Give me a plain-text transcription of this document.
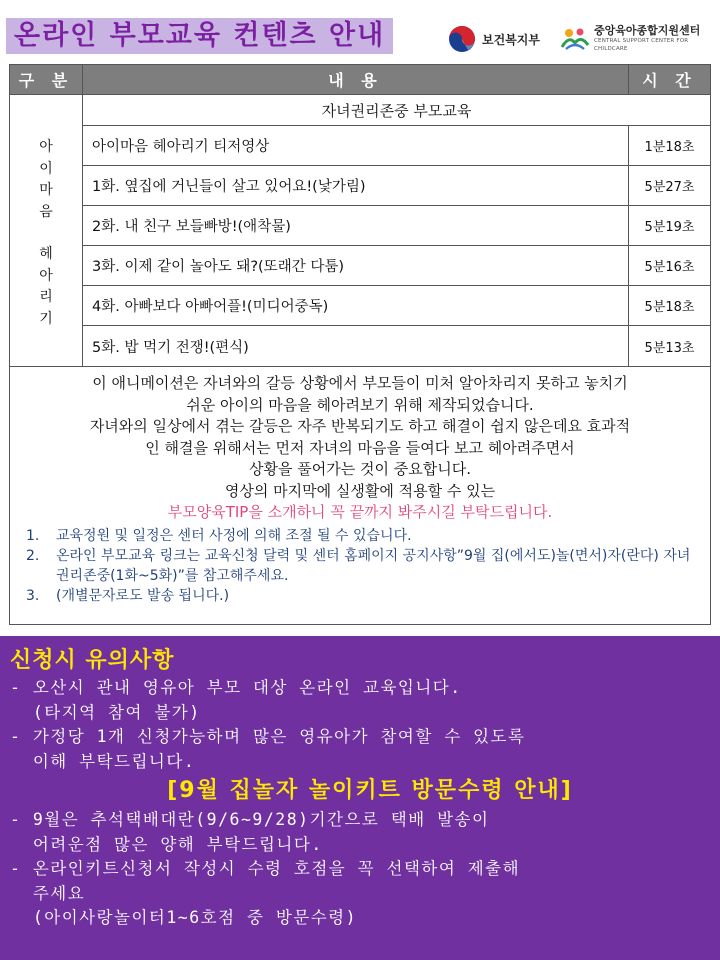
온라인 부모교육 컨텐츠 안내	보건복지부
중앙육아종합지원센터
CENTRAL SUPPORT CENTER FOR CHILDCARE
구 분	내 용	시 간
아
이
마
음
헤
아
리
기
자녀권리존중 부모교육
아이마음 헤아리기 티저영상	1분18초
1화. 옆집에 거닌들이 살고 있어요!(낯가림)	5분27초
2화. 내 친구 보들빠방!(애착물)	5분19초
3화. 이제 같이 놀아도 돼?(또래간 다툼)	5분16초
4화. 아빠보다 아빠어플!(미디어중독)	5분18초
5화. 밥 먹기 전쟁!(편식)	5분13초
이 애니메이션은 자녀와의 갈등 상황에서 부모들이 미처 알아차리지 못하고 놓치기
쉬운 아이의 마음을 헤아려보기 위해 제작되었습니다.
자녀와의 일상에서 겪는 갈등은 자주 반복되기도 하고 해결이 쉽지 않은데요 효과적
인 해결을 위해서는 먼저 자녀의 마음을 들여다 보고 헤아려주면서
상황을 풀어가는 것이 중요합니다.
영상의 마지막에 실생활에 적용할 수 있는
부모양육TIP을 소개하니 꼭 끝까지 봐주시길 부탁드립니다.
1.	교육정원 및 일정은 센터 사정에 의해 조절 될 수 있습니다.
2.	온라인 부모교육 링크는 교육신청 달력 및 센터 홈페이지 공지사항”9월 집(에서도)놀(면서)자(란다) 자녀권리존중(1화~5화)”를 참고해주세요.
3.	(개별문자로도 발송 됩니다.)
신청시 유의사항
- 오산시 관내 영유아 부모 대상 온라인 교육입니다.
(타지역 참여 불가)
- 가정당 1개 신청가능하며 많은 영유아가 참여할 수 있도록
이해 부탁드립니다.
[9월 집놀자 놀이키트 방문수령 안내]
- 9월은 추석택배대란(9/6~9/28)기간으로 택배 발송이
어려운점 많은 양해 부탁드립니다.
- 온라인키트신청서 작성시 수령 호점을 꼭 선택하여 제출해
주세요
(아이사랑놀이터1~6호점 중 방문수령)
